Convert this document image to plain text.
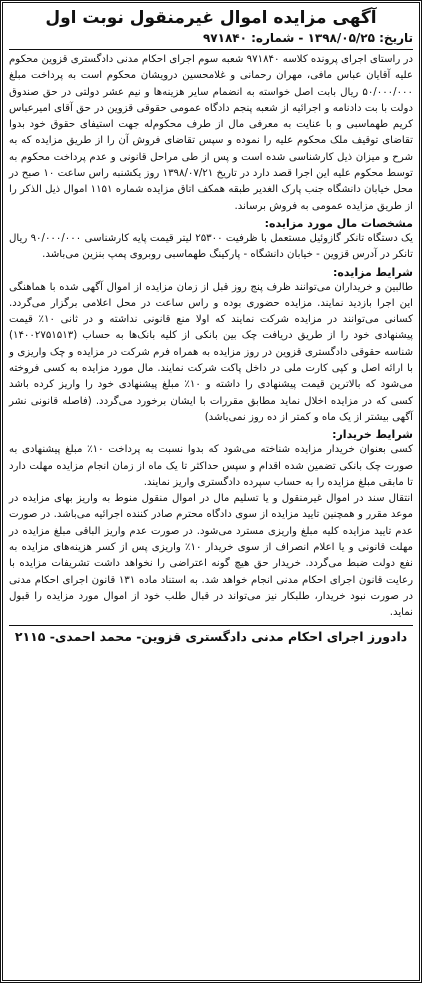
آگهی مزایده اموال غیرمنقول نوبت اول
تاریخ: ۱۳۹۸/۰۵/۲۵ - شماره: ۹۷۱۸۴۰

در راستای اجرای پرونده کلاسه ۹۷۱۸۴۰ شعبه سوم اجرای احکام مدنی دادگستری قزوین محکوم علیه آقایان عباس مافی، مهران رحمانی و غلامحسین درویشان محکوم است به پرداخت مبلغ ۵۰/۰۰۰/۰۰۰ ریال بابت اصل خواسته به انضمام سایر هزینه‌ها و نیم عشر دولتی در حق صندوق دولت با بت دادنامه و اجرائیه از شعبه پنجم دادگاه عمومی حقوقی قزوین در حق آقای امیرعباس کریم طهماسبی و با عنایت به معرفی مال از طرف محکوم‌له جهت استیفای حقوق خود بدوا تقاضای توقیف ملک محکوم علیه را نموده و سپس تقاضای فروش آن را از طریق مزایده که به شرح و میزان ذیل کارشناسی شده است و پس از طی مراحل قانونی و عدم پرداخت محکوم به توسط محکوم علیه این اجرا قصد دارد در تاریخ ۱۳۹۸/۰۷/۲۱ روز یکشنبه راس ساعت ۱۰ صبح در محل خیابان دانشگاه جنب پارک الغدیر طبقه همکف اتاق مزایده شماره ۱۱۵۱ اموال ذیل الذکر را از طریق مزایده عمومی به فروش برساند.

مشخصات مال مورد مزایده:

یک دستگاه تانکر گازوئیل مستعمل با ظرفیت ۲۵۳۰۰ لیتر قیمت پایه کارشناسی ۹۰/۰۰۰/۰۰۰ ریال تانکر در آدرس قزوین - خیابان دانشگاه - پارکینگ طهماسبی روبروی پمپ بنزین می‌باشد.

شرایط مزایده:

طالبین و خریداران می‌توانند ظرف پنج روز قبل از زمان مزایده از اموال آگهی شده با هماهنگی این اجرا بازدید نمایند. مزایده حضوری بوده و راس ساعت در محل اعلامی برگزار می‌گردد. کسانی می‌توانند در مزایده شرکت نمایند که اولا منع قانونی نداشته و در ثانی ۱۰٪ قیمت پیشنهادی خود را از طریق دریافت چک بین بانکی از کلیه بانک‌ها به حساب (۱۴۰۰۲۷۵۱۵۱۳) شناسه حقوقی دادگستری قزوین در روز مزایده به همراه فرم شرکت در مزایده و چک واریزی و با ارائه اصل و کپی کارت ملی در داخل پاکت شرکت نمایند. مال مورد مزایده به کسی فروخته می‌شود که بالاترین قیمت پیشنهادی را داشته و ۱۰٪ مبلغ پیشنهادی خود را واریز کرده باشد کسی که در مزایده اخلال نماید مطابق مقررات با ایشان برخورد می‌گردد. (فاصله قانونی نشر آگهی بیشتر از یک ماه و کمتر از ده روز نمی‌باشد)

شرایط خریدار:

کسی بعنوان خریدار مزایده شناخته می‌شود که بدوا نسبت به پرداخت ۱۰٪ مبلغ پیشنهادی به صورت چک بانکی تضمین شده اقدام و سپس حداکثر تا یک ماه از زمان انجام مزایده مهلت دارد تا مابقی مبلغ مزایده را به حساب سپرده دادگستری واریز نمایند.

انتقال سند در اموال غیرمنقول و یا تسلیم مال در اموال منقول منوط به واریز بهای مزایده در موعد مقرر و همچنین تایید مزایده از سوی دادگاه محترم صادر کننده اجرائیه می‌باشد. در صورت عدم تایید مزایده کلیه مبلغ واریزی مسترد می‌شود. در صورت عدم واریز الباقی مبلغ مزایده در مهلت قانونی و یا اعلام انصراف از سوی خریدار ۱۰٪ واریزی پس از کسر هزینه‌های مزایده به نفع دولت ضبط می‌گردد. خریدار حق هیچ گونه اعتراضی را نخواهد داشت تشریفات مزایده با رعایت قانون اجرای احکام مدنی انجام خواهد شد. به استناد ماده ۱۳۱ قانون اجرای احکام مدنی در صورت نبود خریدار، طلبکار نیز می‌تواند در قبال طلب خود از اموال مورد مزایده را قبول نماید.

دادورز اجرای احکام مدنی دادگستری قزوین- محمد احمدی- ۲۱۱۵
